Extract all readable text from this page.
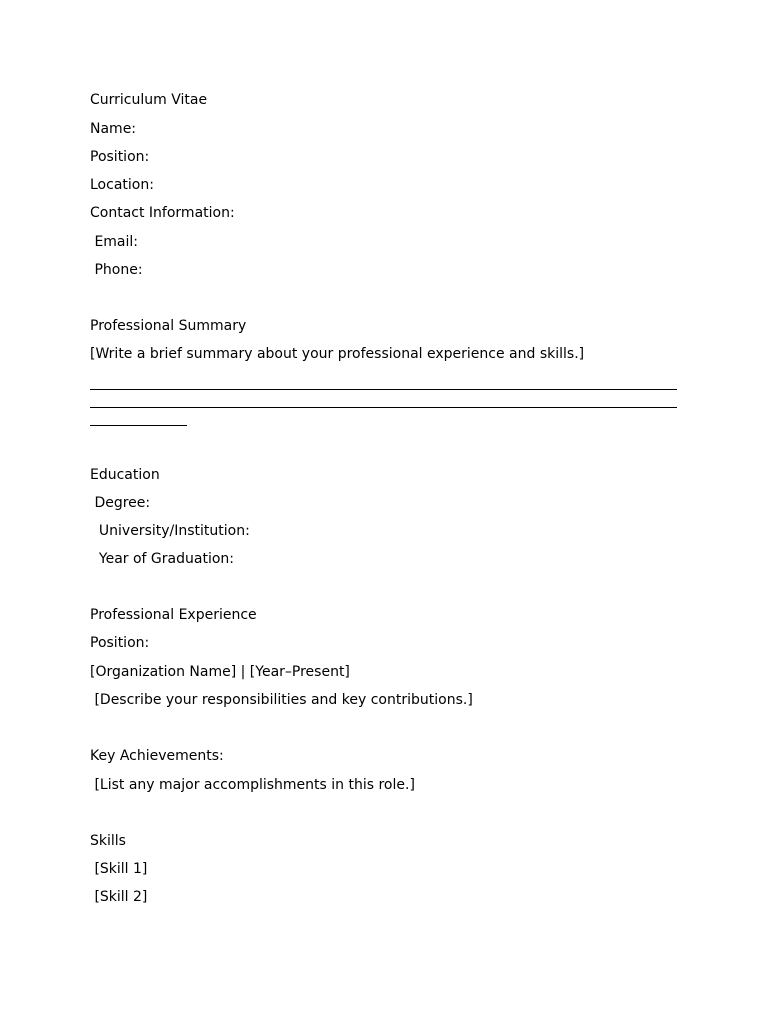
Curriculum Vitae
Name:
Position:
Location:
Contact Information:
Email:
Phone:
Professional Summary
[Write a brief summary about your professional experience and skills.]
Education
Degree:
University/Institution:
Year of Graduation:
Professional Experience
Position:
[Organization Name] | [Year–Present]
[Describe your responsibilities and key contributions.]
Key Achievements:
[List any major accomplishments in this role.]
Skills
[Skill 1]
[Skill 2]
